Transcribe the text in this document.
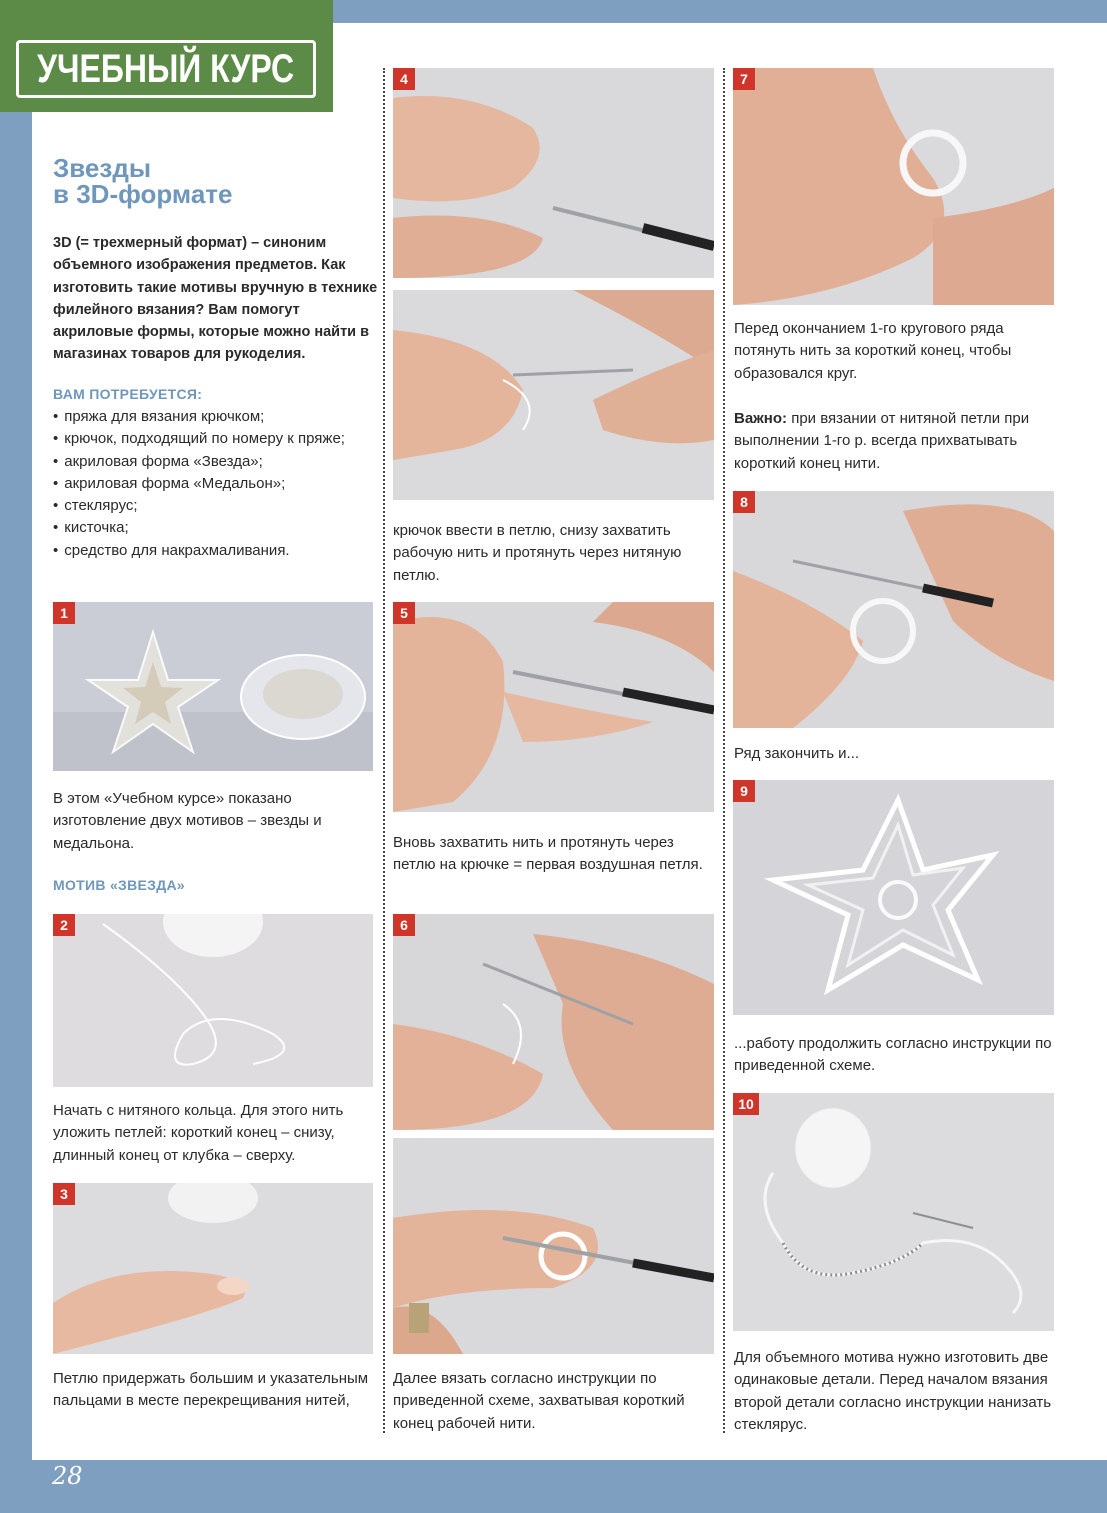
28
УЧЕБНЫЙ КУРС
Звезды
в 3D-формате
3D (= трехмерный формат) – синоним объемного изображения предметов. Как изготовить такие мотивы вручную в технике филейного вязания? Вам помогут акриловые формы, которые можно найти в магазинах товаров для рукоделия.
ВАМ ПОТРЕБУЕТСЯ:
• пряжа для вязания крючком;
• крючок, подходящий по номеру к пряже;
• акриловая форма «Звезда»;
• акриловая форма «Медальон»;
• стеклярус;
• кисточка;
• средство для накрахмаливания.
1
В этом «Учебном курсе» показано изготовление двух мотивов – звезды и медальона.
МОТИВ «ЗВЕЗДА»
2
Начать с нитяного кольца. Для этого нить уложить петлей: короткий конец – снизу, длинный конец от клубка – сверху.
3
Петлю придержать большим и указательным пальцами в месте перекрещивания нитей,
4
крючок ввести в петлю, снизу захватить рабочую нить и протянуть через нитяную петлю.
5
Вновь захватить нить и протянуть через петлю на крючке = первая воздушная петля.
6
Далее вязать согласно инструкции по приведенной схеме, захватывая короткий конец рабочей нити.
7
Перед окончанием 1-го кругового ряда потянуть нить за короткий конец, чтобы образовался круг.
Важно: при вязании от нитяной петли при выполнении 1-го р. всегда прихватывать короткий конец нити.
8
Ряд закончить и...
9
...работу продолжить согласно инструкции по приведенной схеме.
10
Для объемного мотива нужно изготовить две одинаковые детали. Перед началом вязания второй детали согласно инструкции нанизать стеклярус.
